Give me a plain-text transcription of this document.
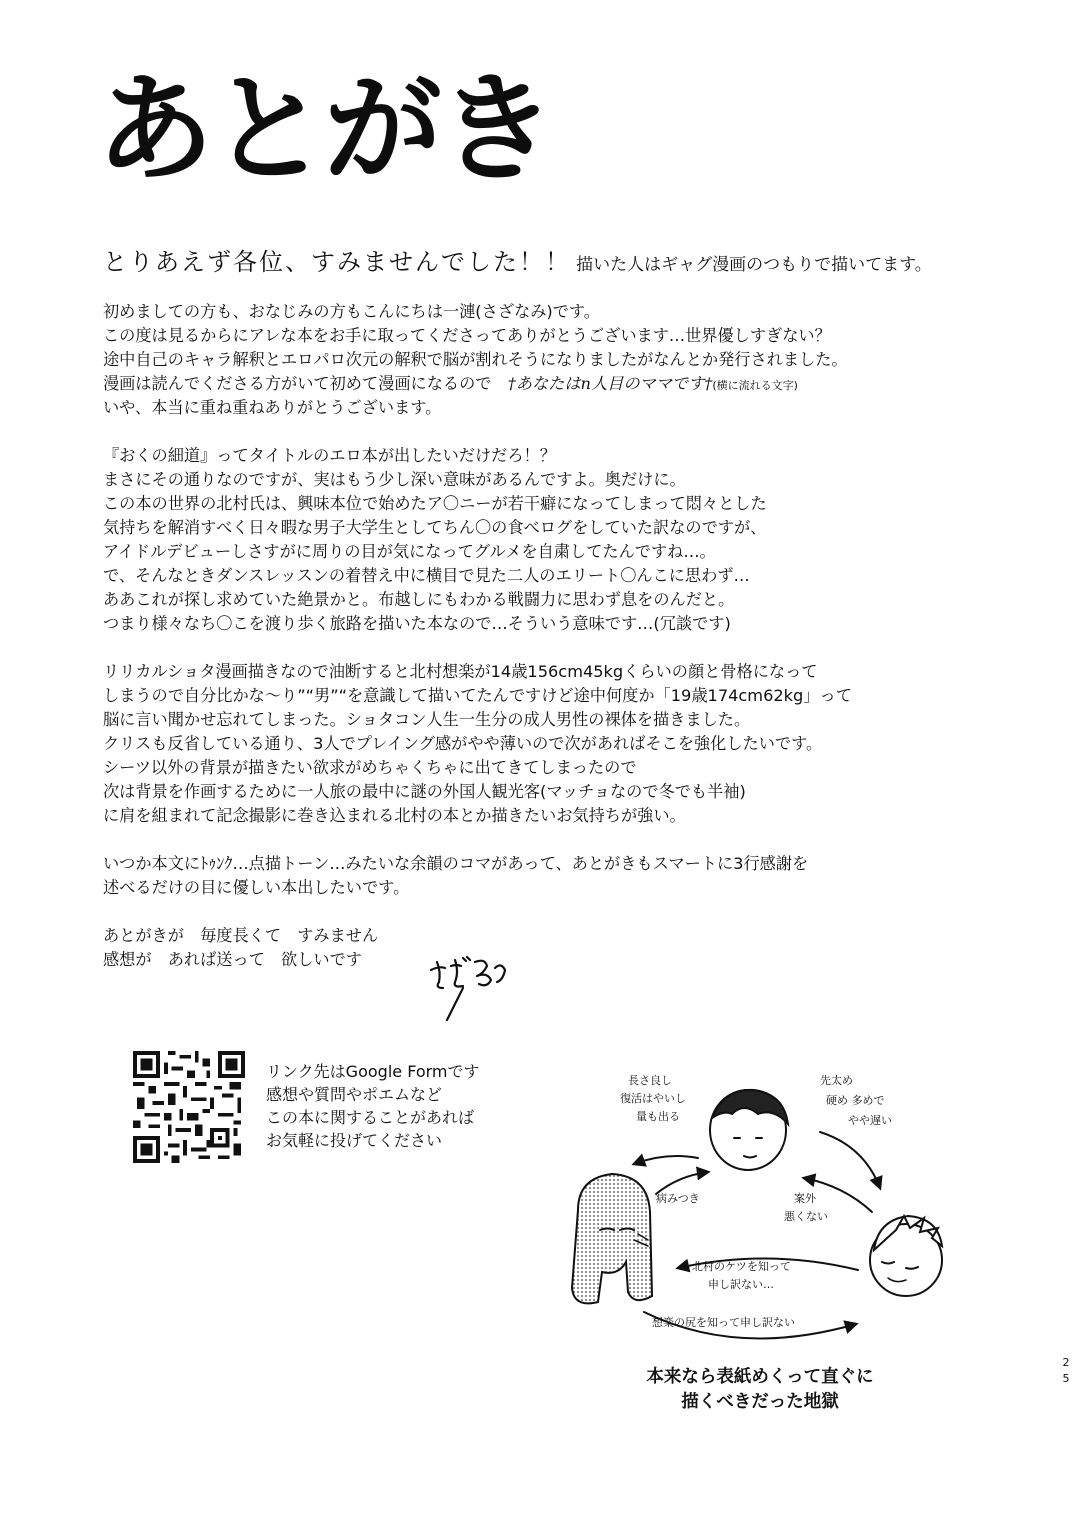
あとがき
とりあえず各位、すみませんでした！！ 描いた人はギャグ漫画のつもりで描いてます。
初めましての方も、おなじみの方もこんにちは一漣(さざなみ)です。
この度は見るからにアレな本をお手に取ってくださってありがとうございます…世界優しすぎない？
途中自己のキャラ解釈とエロパロ次元の解釈で脳が割れそうになりましたがなんとか発行されました。
漫画は読んでくださる方がいて初めて漫画になるので　†あなたはn人目のママです†(横に流れる文字)
いや、本当に重ね重ねありがとうございます。
『おくの細道』ってタイトルのエロ本が出したいだけだろ！？
まさにその通りなのですが、実はもう少し深い意味があるんですよ。奥だけに。
この本の世界の北村氏は、興味本位で始めたア〇ニーが若干癖になってしまって悶々とした
気持ちを解消すべく日々暇な男子大学生としてちん〇の食べログをしていた訳なのですが、
アイドルデビューしさすがに周りの目が気になってグルメを自粛してたんですね…。
で、そんなときダンスレッスンの着替え中に横目で見た二人のエリート〇んこに思わず…
ああこれが探し求めていた絶景かと。布越しにもわかる戦闘力に思わず息をのんだと。
つまり様々なち〇こを渡り歩く旅路を描いた本なので…そういう意味です…(冗談です)
リリカルショタ漫画描きなので油断すると北村想楽が14歳156cm45kgくらいの顔と骨格になって
しまうので自分比かな～り”“男”“を意識して描いてたんですけど途中何度か「19歳174cm62kg」って
脳に言い聞かせ忘れてしまった。ショタコン人生一生分の成人男性の裸体を描きました。
クリスも反省している通り、3人でプレイング感がやや薄いので次があればそこを強化したいです。
シーツ以外の背景が描きたい欲求がめちゃくちゃに出てきてしまったので
次は背景を作画するために一人旅の最中に謎の外国人観光客(マッチョなので冬でも半袖)
に肩を組まれて記念撮影に巻き込まれる北村の本とか描きたいお気持ちが強い。
いつか本文にﾄｩﾝｸ…点描トーン…みたいな余韻のコマがあって、あとがきもスマートに3行感謝を
述べるだけの目に優しい本出したいです。
あとがきが　毎度長くて　すみません
感想が　あれば送って　欲しいです
リンク先はGoogle Formです
感想や質問やポエムなど
この本に関することがあれば
お気軽に投げてください
長さ良し
復活はやいし
量も出る
先太め
硬め 多めで
やや遅い
病みつき	案外
悪くない
北村のケツを知って
申し訳ない…
想楽の尻を知って申し訳ない
本来なら表紙めくって直ぐに
描くべきだった地獄
2
5
